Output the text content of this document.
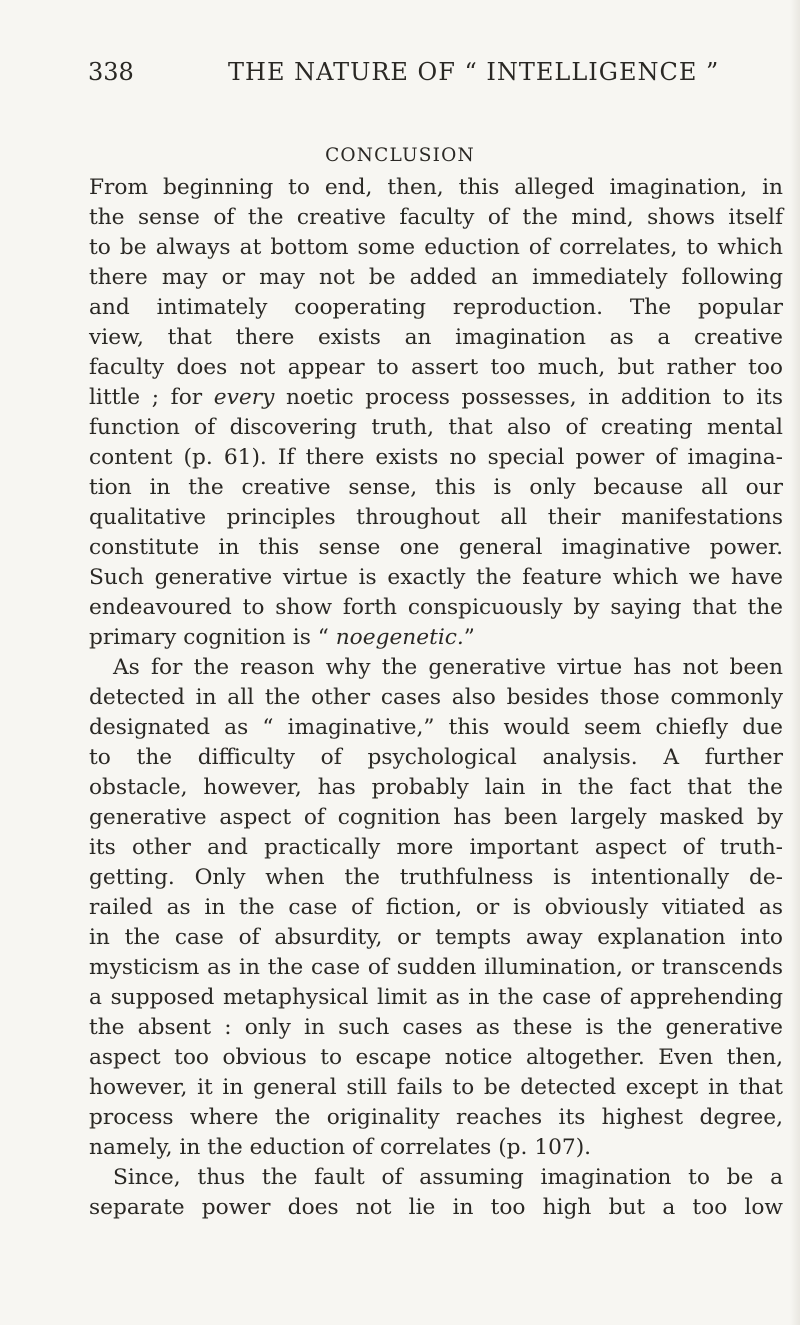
338	THE NATURE OF “ INTELLIGENCE ”
CONCLUSION
From beginning to end, then, this alleged imagination, in
the sense of the creative faculty of the mind, shows itself
to be always at bottom some eduction of correlates, to which
there may or may not be added an immediately following
and intimately cooperating reproduction. The popular
view, that there exists an imagination as a creative
faculty does not appear to assert too much, but rather too
little ; for every noetic process possesses, in addition to its
function of discovering truth, that also of creating mental
content (p. 61). If there exists no special power of imagina-
tion in the creative sense, this is only because all our
qualitative principles throughout all their manifestations
constitute in this sense one general imaginative power.
Such generative virtue is exactly the feature which we have
endeavoured to show forth conspicuously by saying that the
primary cognition is “ noegenetic.”
As for the reason why the generative virtue has not been
detected in all the other cases also besides those commonly
designated as “ imaginative,” this would seem chiefly due
to the difficulty of psychological analysis. A further
obstacle, however, has probably lain in the fact that the
generative aspect of cognition has been largely masked by
its other and practically more important aspect of truth-
getting. Only when the truthfulness is intentionally de-
railed as in the case of fiction, or is obviously vitiated as
in the case of absurdity, or tempts away explanation into
mysticism as in the case of sudden illumination, or transcends
a supposed metaphysical limit as in the case of apprehending
the absent : only in such cases as these is the generative
aspect too obvious to escape notice altogether. Even then,
however, it in general still fails to be detected except in that
process where the originality reaches its highest degree,
namely, in the eduction of correlates (p. 107).
Since, thus the fault of assuming imagination to be a
separate power does not lie in too high but a too low
